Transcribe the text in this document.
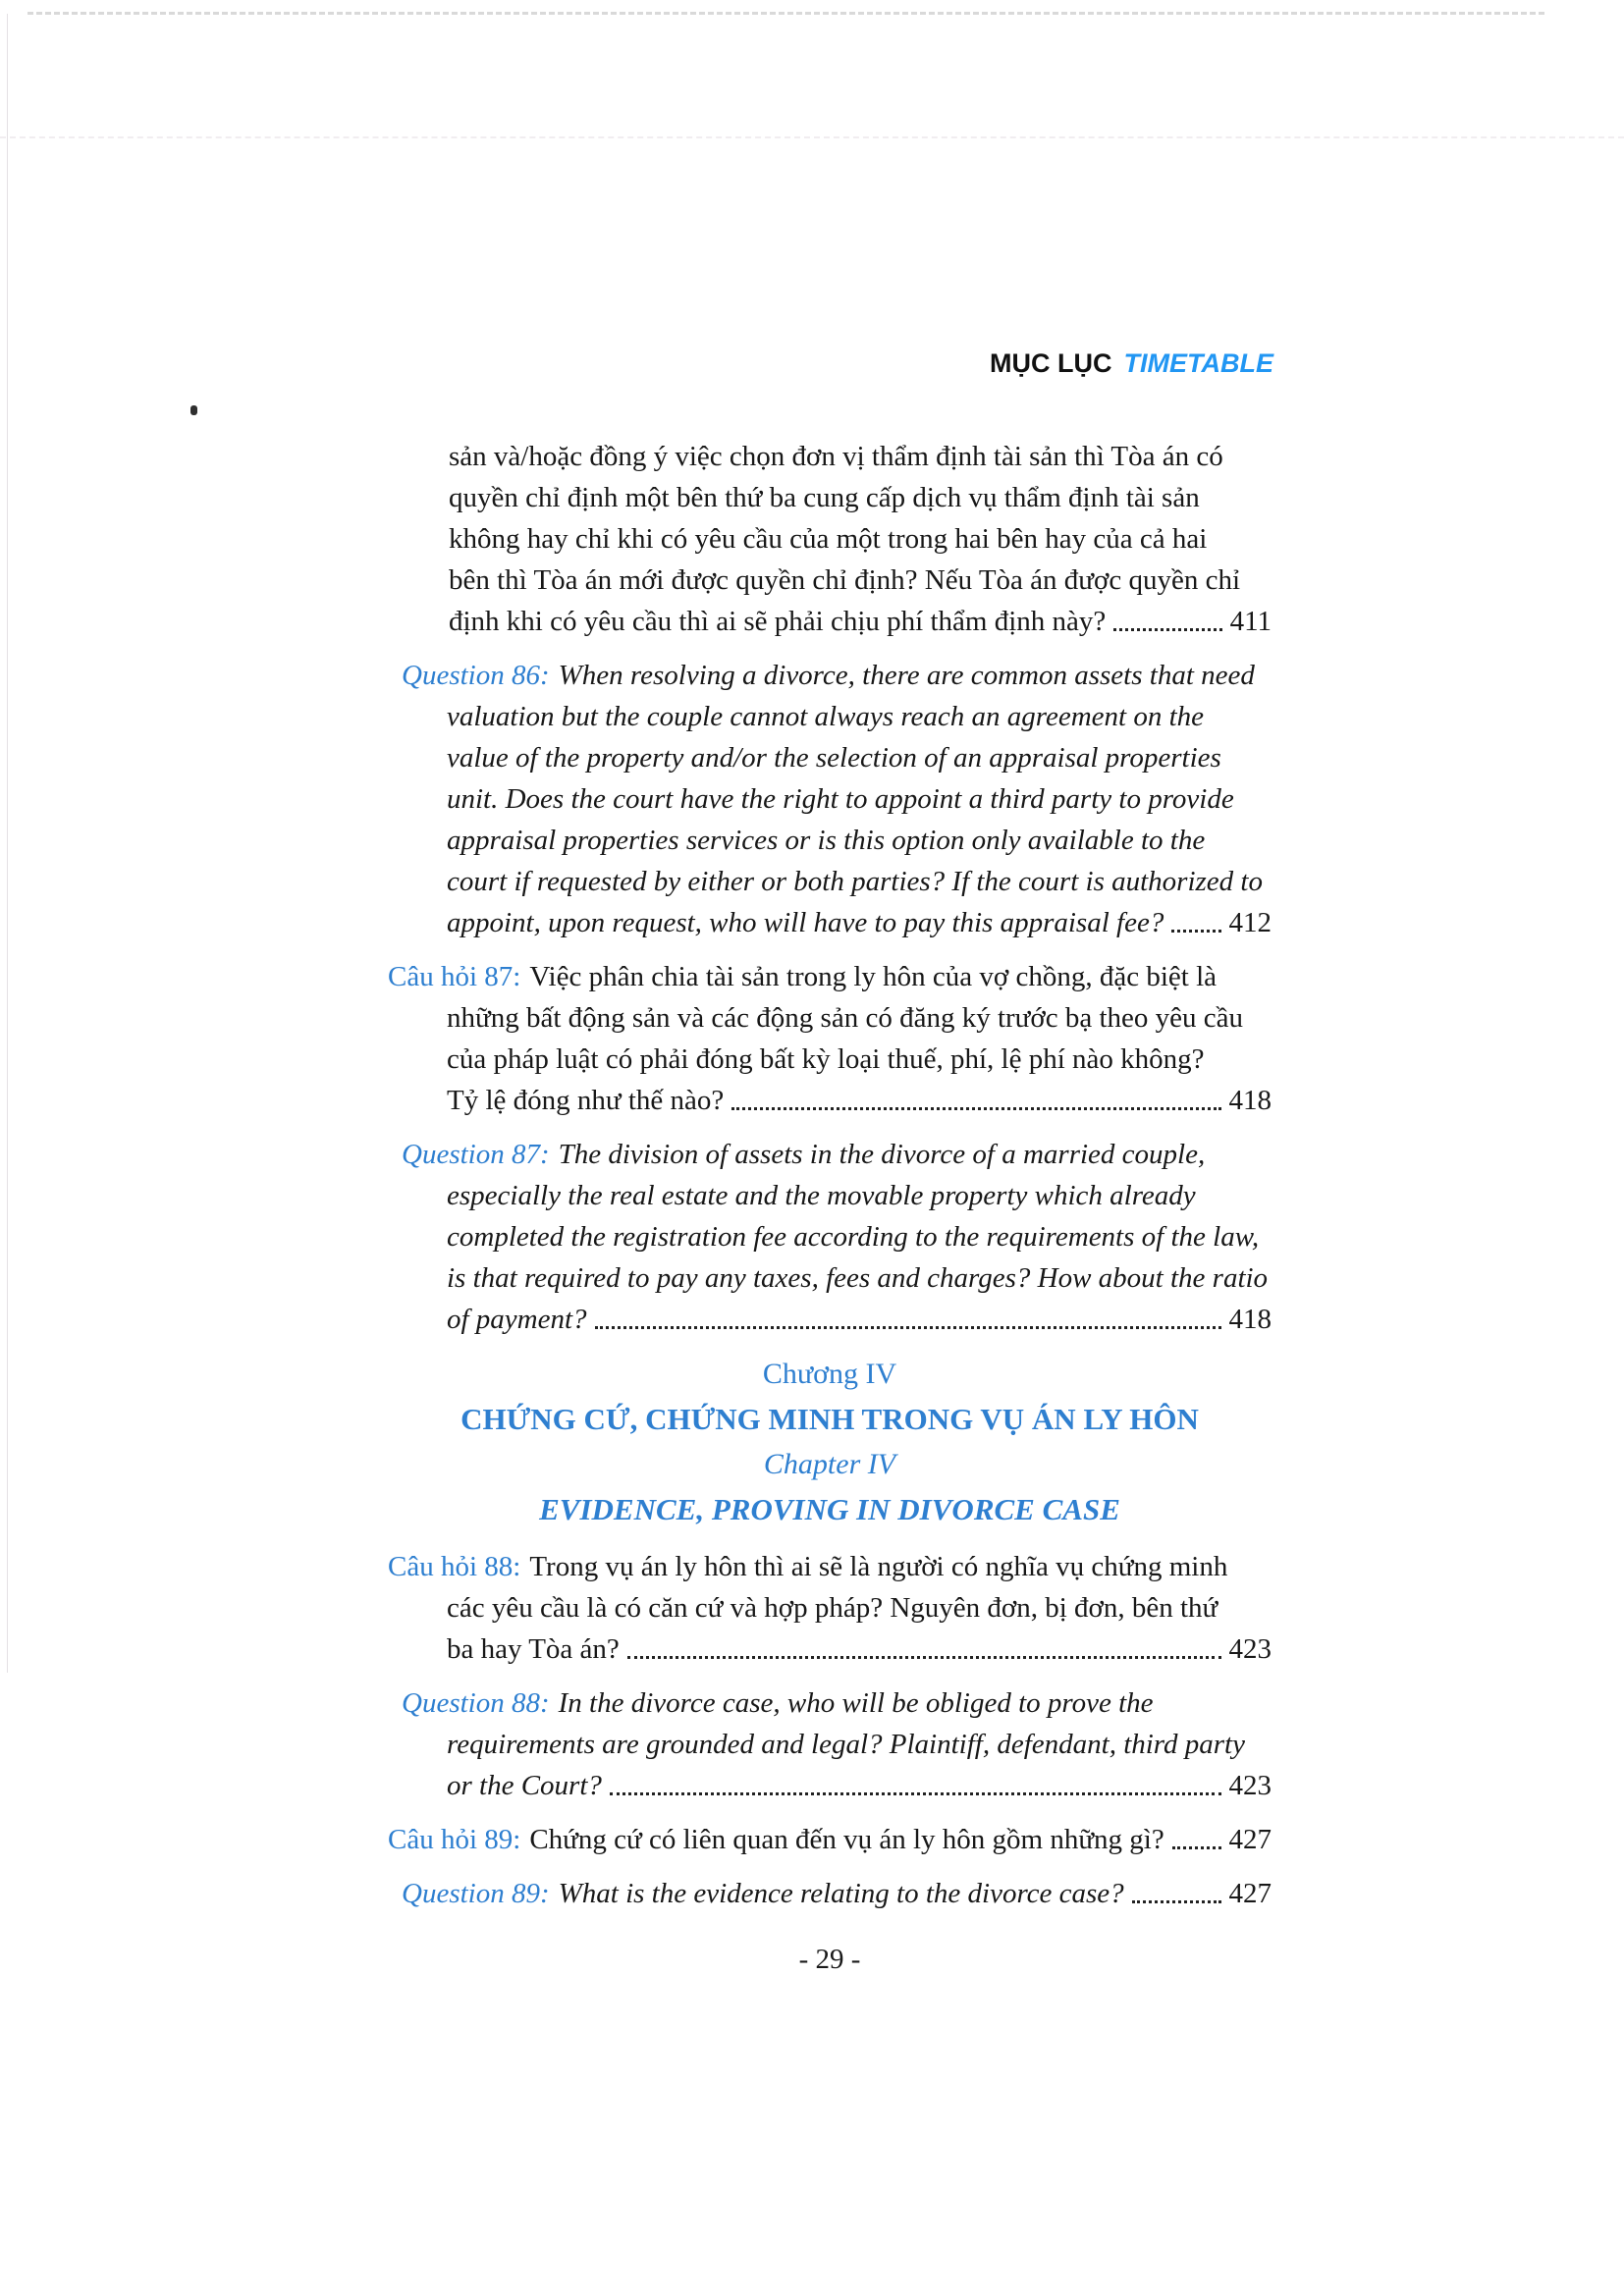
MỤC LỤC TIMETABLE
sản và/hoặc đồng ý việc chọn đơn vị thẩm định tài sản thì Tòa án có
quyền chỉ định một bên thứ ba cung cấp dịch vụ thẩm định tài sản
không hay chỉ khi có yêu cầu của một trong hai bên hay của cả hai
bên thì Tòa án mới được quyền chỉ định? Nếu Tòa án được quyền chỉ
định khi có yêu cầu thì ai sẽ phải chịu phí thẩm định này?	411
Question 86: When resolving a divorce, there are common assets that need
valuation but the couple cannot always reach an agreement on the
value of the property and/or the selection of an appraisal properties
unit. Does the court have the right to appoint a third party to provide
appraisal properties services or is this option only available to the
court if requested by either or both parties? If the court is authorized to
appoint, upon request, who will have to pay this appraisal fee? 412
Câu hỏi 87: Việc phân chia tài sản trong ly hôn của vợ chồng, đặc biệt là
những bất động sản và các động sản có đăng ký trước bạ theo yêu cầu
của pháp luật có phải đóng bất kỳ loại thuế, phí, lệ phí nào không?
Tỷ lệ đóng như thế nào?	418
Question 87: The division of assets in the divorce of a married couple,
especially the real estate and the movable property which already
completed the registration fee according to the requirements of the law,
is that required to pay any taxes, fees and charges? How about the ratio
of payment?	418
Chương IV
CHỨNG CỨ, CHỨNG MINH TRONG VỤ ÁN LY HÔN
Chapter IV
EVIDENCE, PROVING IN DIVORCE CASE
Câu hỏi 88: Trong vụ án ly hôn thì ai sẽ là người có nghĩa vụ chứng minh
các yêu cầu là có căn cứ và hợp pháp? Nguyên đơn, bị đơn, bên thứ
ba hay Tòa án?	423
Question 88: In the divorce case, who will be obliged to prove the
requirements are grounded and legal? Plaintiff, defendant, third party
or the Court?	423
Câu hỏi 89: Chứng cứ có liên quan đến vụ án ly hôn gồm những gì? 427
Question 89: What is the evidence relating to the divorce case?	427
- 29 -
